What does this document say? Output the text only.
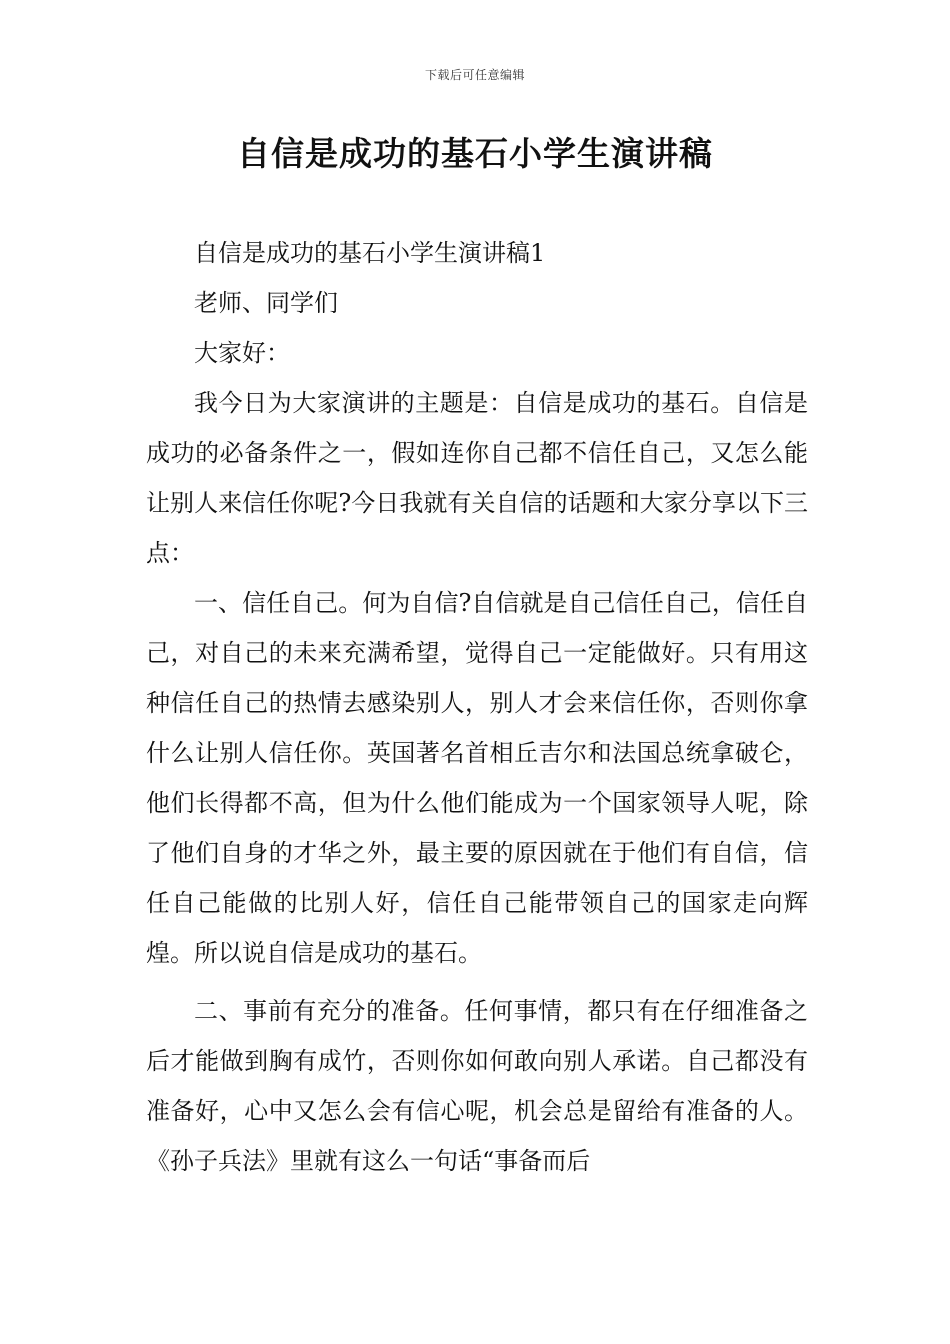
下载后可任意编辑
自信是成功的基石小学生演讲稿

自信是成功的基石小学生演讲稿1

老师、同学们

大家好：

我今日为大家演讲的主题是：自信是成功的基石。自信是成功的必备条件之一，假如连你自己都不信任自己，又怎么能让别人来信任你呢?今日我就有关自信的话题和大家分享以下三点：

一、信任自己。何为自信?自信就是自己信任自己，信任自己，对自己的未来充满希望，觉得自己一定能做好。只有用这种信任自己的热情去感染别人，别人才会来信任你，否则你拿什么让别人信任你。英国著名首相丘吉尔和法国总统拿破仑，他们长得都不高，但为什么他们能成为一个国家领导人呢，除了他们自身的才华之外，最主要的原因就在于他们有自信，信任自己能做的比别人好，信任自己能带领自己的国家走向辉煌。所以说自信是成功的基石。

二、事前有充分的准备。任何事情，都只有在仔细准备之后才能做到胸有成竹，否则你如何敢向别人承诺。自己都没有准备好，心中又怎么会有信心呢，机会总是留给有准备的人。《孙子兵法》里就有这么一句话“事备而后
